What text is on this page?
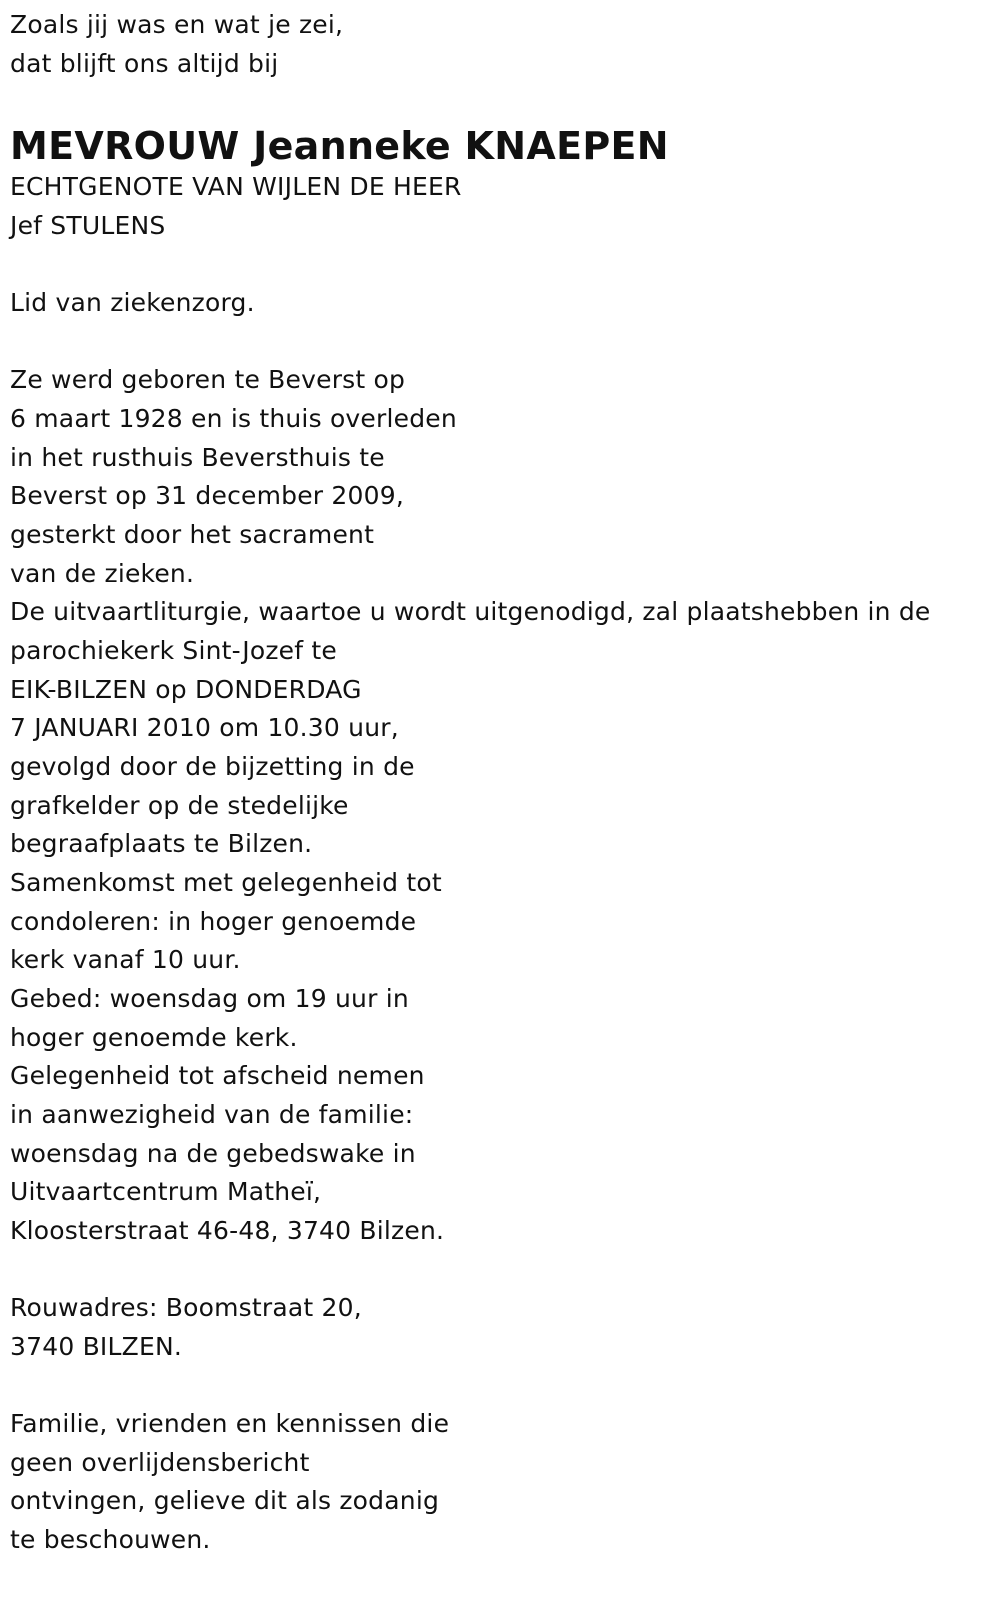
Zoals jij was en wat je zei,
dat blijft ons altijd bij
MEVROUW Jeanneke KNAEPEN
ECHTGENOTE VAN WIJLEN DE HEER
Jef STULENS
Lid van ziekenzorg.
Ze werd geboren te Beverst op
6 maart 1928 en is thuis overleden
in het rusthuis Beversthuis te
Beverst op 31 december 2009,
gesterkt door het sacrament
van de zieken.
De uitvaartliturgie, waartoe u wordt uitgenodigd, zal plaatshebben in de
parochiekerk Sint-Jozef te
EIK-BILZEN op DONDERDAG
7 JANUARI 2010 om 10.30 uur,
gevolgd door de bijzetting in de
grafkelder op de stedelijke
begraafplaats te Bilzen.
Samenkomst met gelegenheid tot
condoleren: in hoger genoemde
kerk vanaf 10 uur.
Gebed: woensdag om 19 uur in
hoger genoemde kerk.
Gelegenheid tot afscheid nemen
in aanwezigheid van de familie:
woensdag na de gebedswake in
Uitvaartcentrum Matheï,
Kloosterstraat 46-48, 3740 Bilzen.
Rouwadres: Boomstraat 20,
3740 BILZEN.
Familie, vrienden en kennissen die
geen overlijdensbericht
ontvingen, gelieve dit als zodanig
te beschouwen.
